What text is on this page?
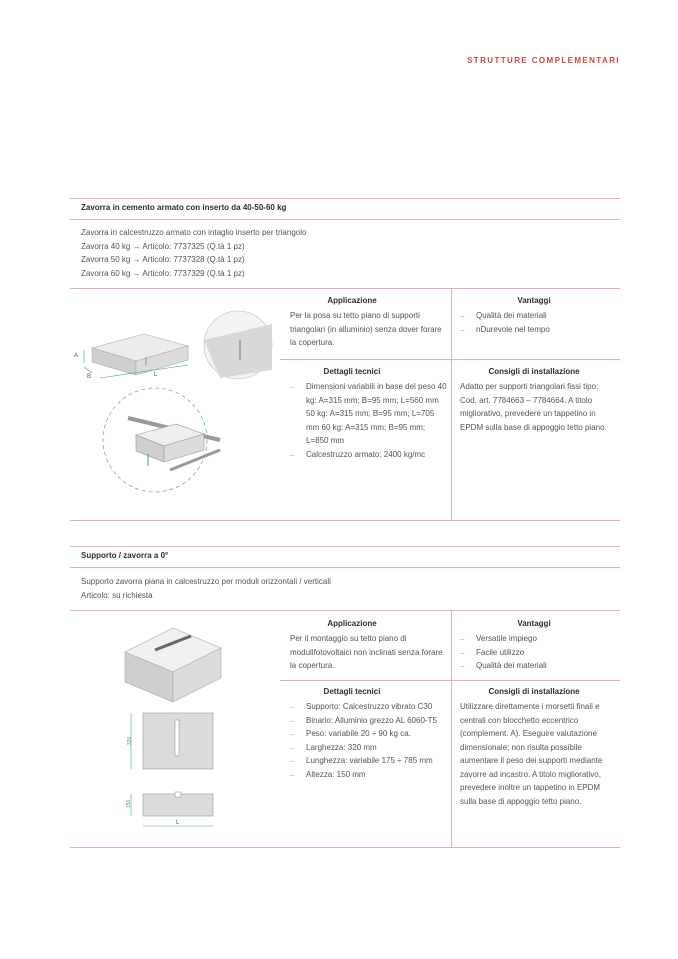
STRUTTURE COMPLEMENTARI
Zavorra in cemento armato con inserto da 40-50-60 kg
Zavorra in calcestruzzo armato con intaglio inserto per triangolo
Zavorra 40 kg → Articolo: 7737325 (Q.tà 1 pz)
Zavorra 50 kg → Articolo: 7737328 (Q.tà 1 pz)
Zavorra 60 kg → Articolo: 7737329 (Q.tà 1 pz)
A
B	L
Applicazione
Per la posa su tetto piano di supporti triangolari (in alluminio) senza dover forare la copertura.
Vantaggi
_ Qualità dei materiali
_ nDurevole nel tempo
Dettagli tecnici
_ Dimensioni variabili in base del peso 40 kg: A=315 mm; B=95 mm; L=560 mm 50 kg: A=315 mm; B=95 mm; L=705 mm 60 kg: A=315 mm; B=95 mm; L=850 mm
_ Calcestruzzo armato: 2400 kg/mc
Consigli di installazione
Adatto per supporti triangolari fissi tipo: Cod. art. 7784663 – 7784664. A titolo migliorativo, prevedere un tappetino in EPDM sulla base di appoggio tetto piano.
Supporto / zavorra a 0°
Supporto zavorra piana in calcestruzzo per moduli orizzontali / verticali
Articolo: su richiesta
320
150
L
Applicazione
Per il montaggio su tetto piano di modulifotovoltaici non inclinati senza forare la copertura.
Vantaggi
_ Versatile impiego
_ Facile utilizzo
_ Qualità dei materiali
Dettagli tecnici
_ Supporto: Calcestruzzo vibrato C30
_ Binario: Alluminio grezzo AL 6060-T5
_ Peso: variabile 20 ÷ 90 kg ca.
_ Larghezza: 320 mm
_ Lunghezza: variabile 175 ÷ 785 mm
_ Altezza: 150 mm
Consigli di installazione
Utilizzare direttamente i morsetti finali e centrali con blocchetto eccentrico (complement. A). Eseguire valutazione dimensionale; non risulta possibile aumentare il peso dei supporti mediante zavorre ad incastro. A titolo migliorativo, prevedere inoltre un tappetino in EPDM sulla base di appoggio tetto piano.
